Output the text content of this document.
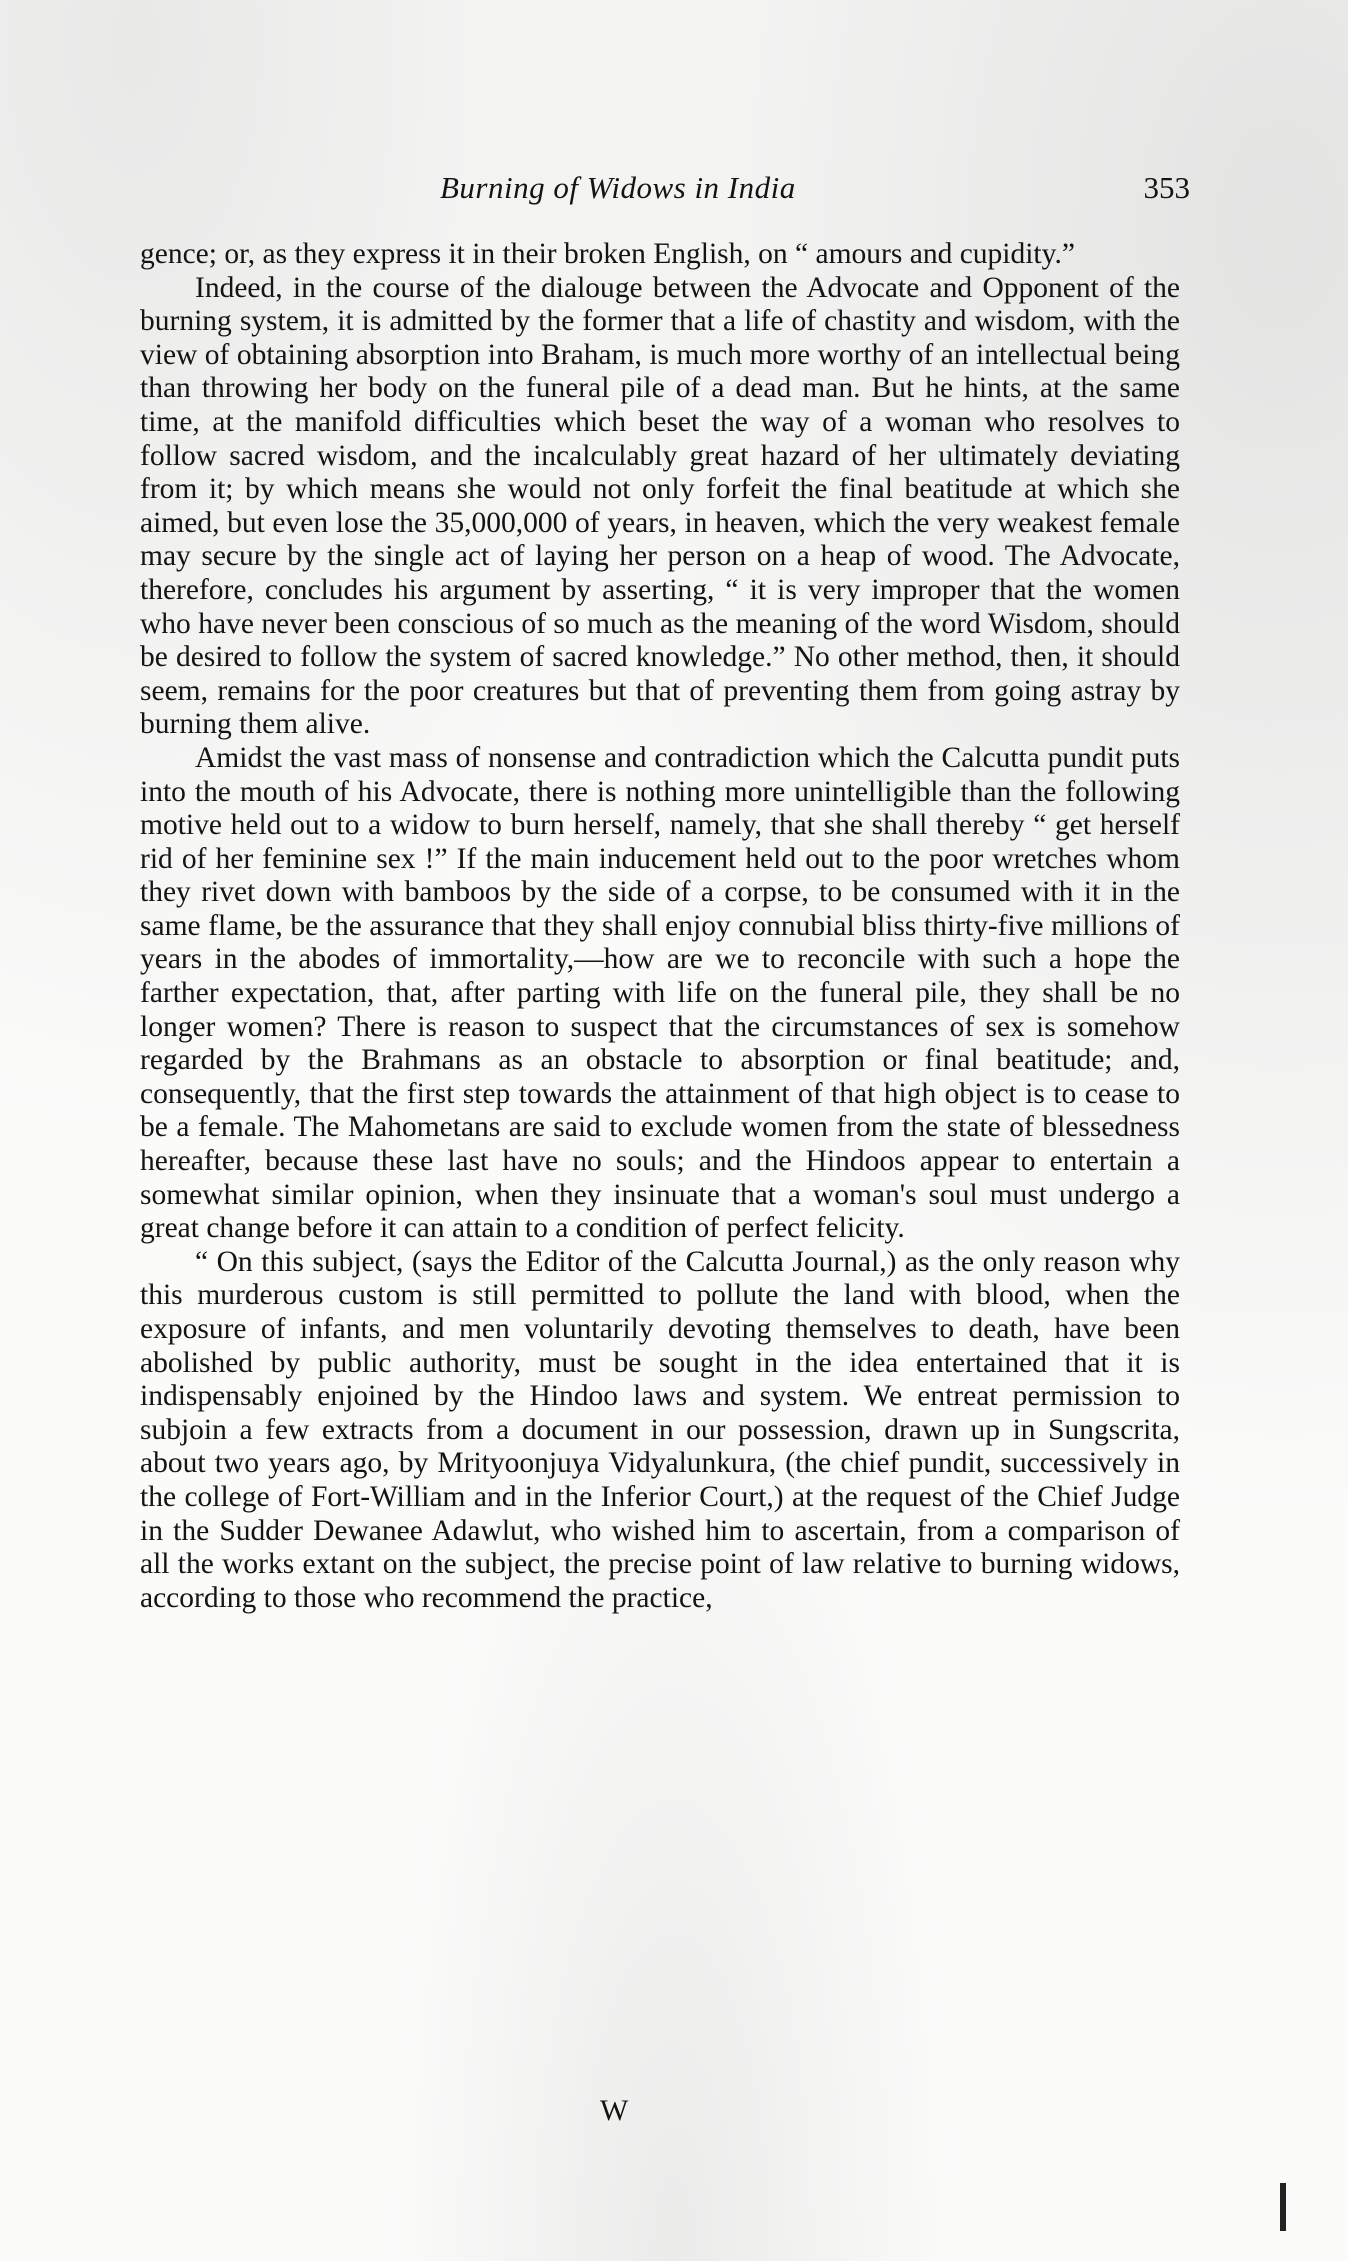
Burning of Widows in India	353

gence; or, as they express it in their broken English, on “ amours and cupidity.”

Indeed, in the course of the dialouge between the Advocate and Opponent of the burning system, it is admitted by the former that a life of chastity and wisdom, with the view of obtaining absorption into Braham, is much more worthy of an intellectual being than throwing her body on the funeral pile of a dead man. But he hints, at the same time, at the manifold difficulties which beset the way of a woman who resolves to follow sacred wisdom, and the incalculably great hazard of her ultimately deviating from it; by which means she would not only forfeit the final beatitude at which she aimed, but even lose the 35,000,000 of years, in heaven, which the very weakest female may secure by the single act of laying her person on a heap of wood. The Advocate, therefore, concludes his argument by asserting, “ it is very improper that the women who have never been conscious of so much as the meaning of the word Wisdom, should be desired to follow the system of sacred knowledge.” No other method, then, it should seem, remains for the poor creatures but that of preventing them from going astray by burning them alive.

Amidst the vast mass of nonsense and contradiction which the Calcutta pundit puts into the mouth of his Advocate, there is nothing more unintelligible than the following motive held out to a widow to burn herself, namely, that she shall thereby “ get herself rid of her feminine sex !” If the main inducement held out to the poor wretches whom they rivet down with bamboos by the side of a corpse, to be consumed with it in the same flame, be the assurance that they shall enjoy connubial bliss thirty-five millions of years in the abodes of immortality,—how are we to reconcile with such a hope the farther expectation, that, after parting with life on the funeral pile, they shall be no longer women? There is reason to suspect that the circumstances of sex is somehow regarded by the Brahmans as an obstacle to absorption or final beatitude; and, consequently, that the first step towards the attainment of that high object is to cease to be a female. The Mahometans are said to exclude women from the state of blessedness hereafter, because these last have no souls; and the Hindoos appear to entertain a somewhat similar opinion, when they insinuate that a woman's soul must undergo a great change before it can attain to a condition of perfect felicity.

“ On this subject, (says the Editor of the Calcutta Journal,) as the only reason why this murderous custom is still permitted to pollute the land with blood, when the exposure of infants, and men voluntarily devoting themselves to death, have been abolished by public authority, must be sought in the idea entertained that it is indispensably enjoined by the Hindoo laws and system. We entreat permission to subjoin a few extracts from a document in our possession, drawn up in Sungscrita, about two years ago, by Mrityoonjuya Vidyalunkura, (the chief pundit, successively in the college of Fort-William and in the Inferior Court,) at the request of the Chief Judge in the Sudder Dewanee Adawlut, who wished him to ascertain, from a comparison of all the works extant on the subject, the precise point of law relative to burning widows, according to those who recommend the practice,

W
